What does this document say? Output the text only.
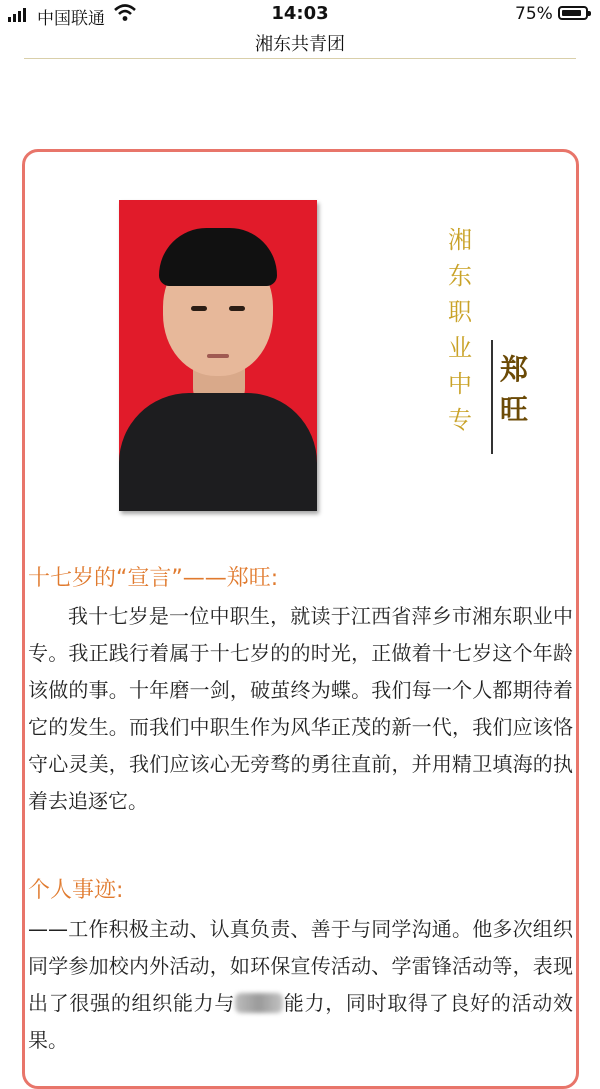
中国联通	14:03	75%
湘东共青团
湘东职业中专
郑旺
十七岁的“宣言”——郑旺:
我十七岁是一位中职生，就读于江西省萍乡市湘东职业中专。我正践行着属于十七岁的的时光，正做着十七岁这个年龄该做的事。十年磨一剑，破茧终为蝶。我们每一个人都期待着它的发生。而我们中职生作为风华正茂的新一代，我们应该恪守心灵美，我们应该心无旁骛的勇往直前，并用精卫填海的执着去追逐它。
个人事迹:
——工作积极主动、认真负责、善于与同学沟通。他多次组织同学参加校内外活动，如环保宣传活动、学雷锋活动等，表现出了很强的组织能力与 能力，同时取得了良好的活动效果。
